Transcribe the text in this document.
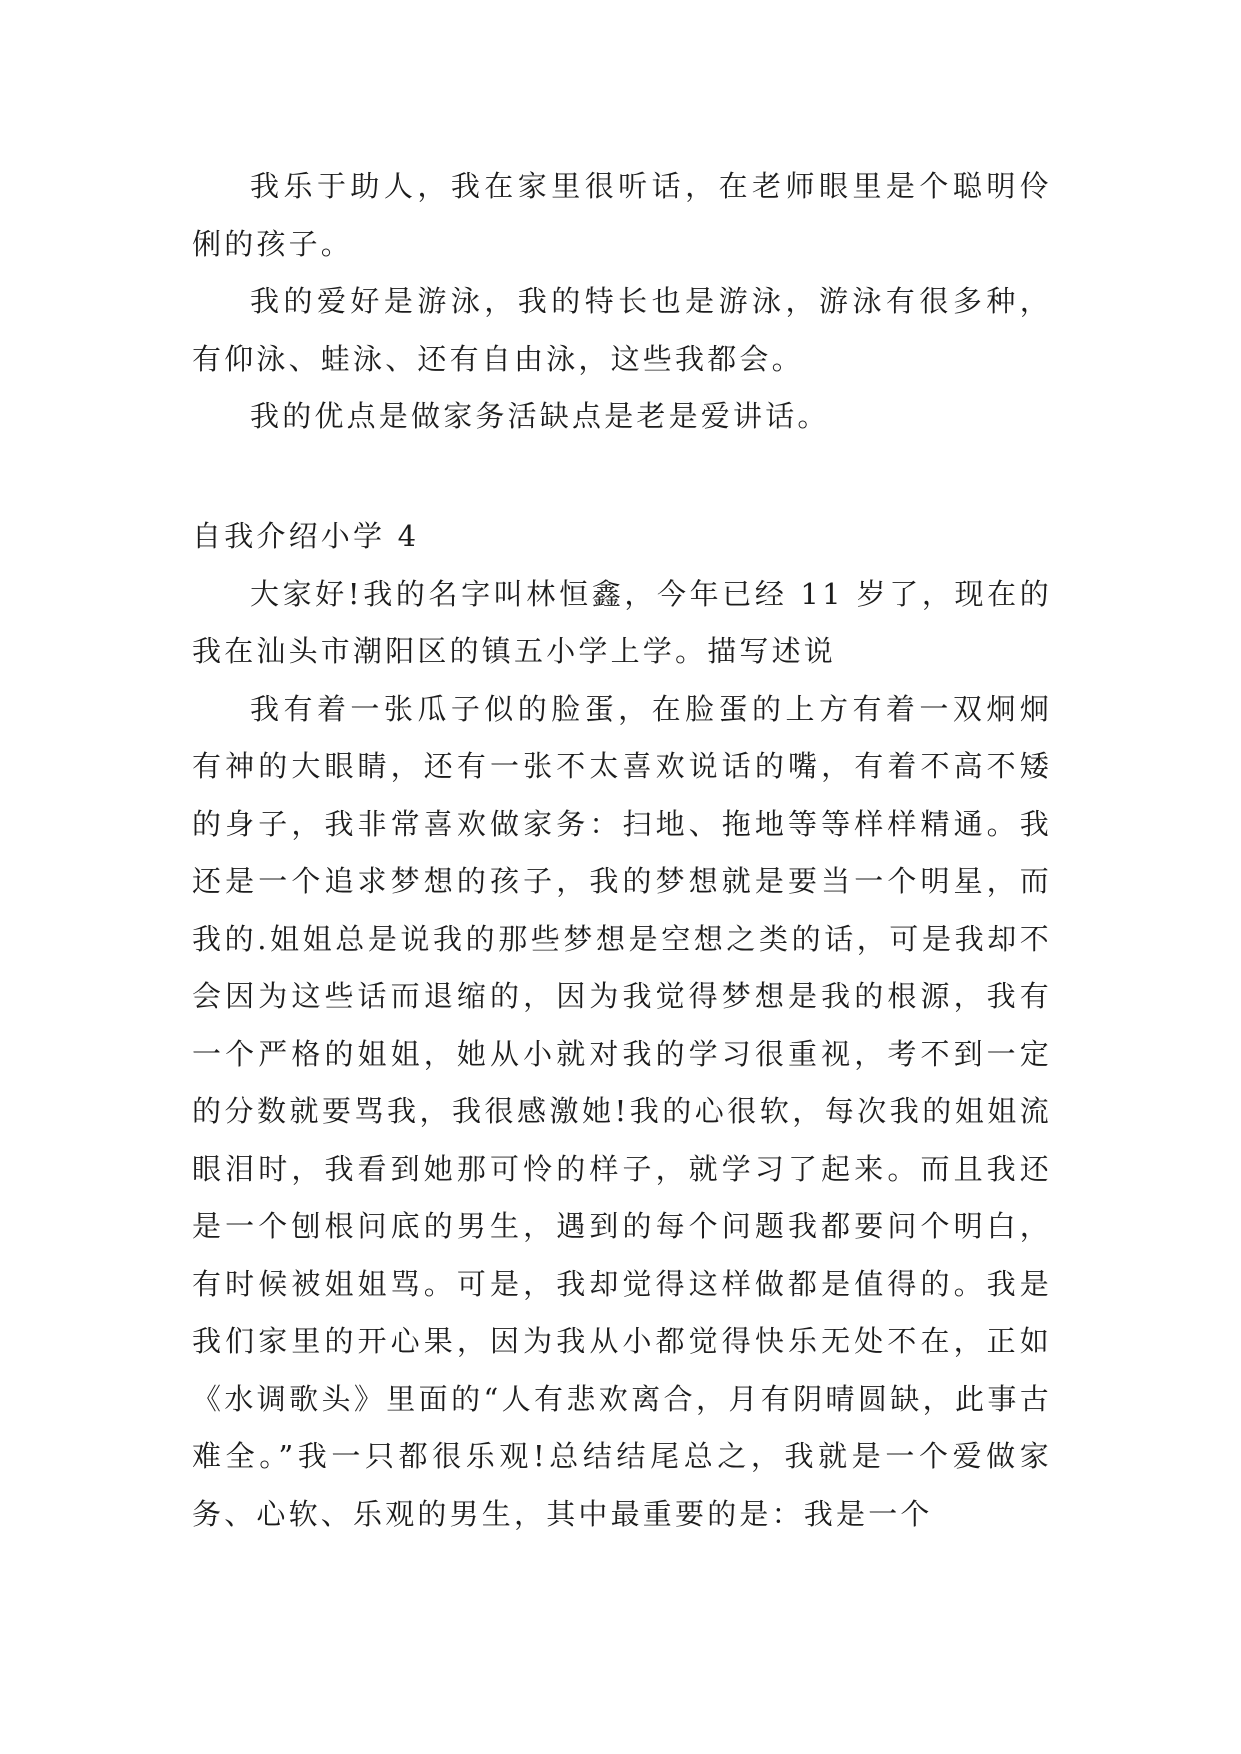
我乐于助人，我在家里很听话，在老师眼里是个聪明伶俐的孩子。

我的爱好是游泳，我的特长也是游泳，游泳有很多种，有仰泳、蛙泳、还有自由泳，这些我都会。

我的优点是做家务活缺点是老是爱讲话。

自我介绍小学 4

大家好!我的名字叫林恒鑫，今年已经 11 岁了，现在的我在汕头市潮阳区的镇五小学上学。描写述说

我有着一张瓜子似的脸蛋，在脸蛋的上方有着一双炯炯有神的大眼睛，还有一张不太喜欢说话的嘴，有着不高不矮的身子，我非常喜欢做家务：扫地、拖地等等样样精通。我还是一个追求梦想的孩子，我的梦想就是要当一个明星，而我的.姐姐总是说我的那些梦想是空想之类的话，可是我却不会因为这些话而退缩的，因为我觉得梦想是我的根源，我有一个严格的姐姐，她从小就对我的学习很重视，考不到一定的分数就要骂我，我很感激她!我的心很软，每次我的姐姐流眼泪时，我看到她那可怜的样子，就学习了起来。而且我还是一个刨根问底的男生，遇到的每个问题我都要问个明白，有时候被姐姐骂。可是，我却觉得这样做都是值得的。我是我们家里的开心果，因为我从小都觉得快乐无处不在，正如《水调歌头》里面的“人有悲欢离合，月有阴晴圆缺，此事古难全。”我一只都很乐观!总结结尾总之，我就是一个爱做家务、心软、乐观的男生，其中最重要的是：我是一个
